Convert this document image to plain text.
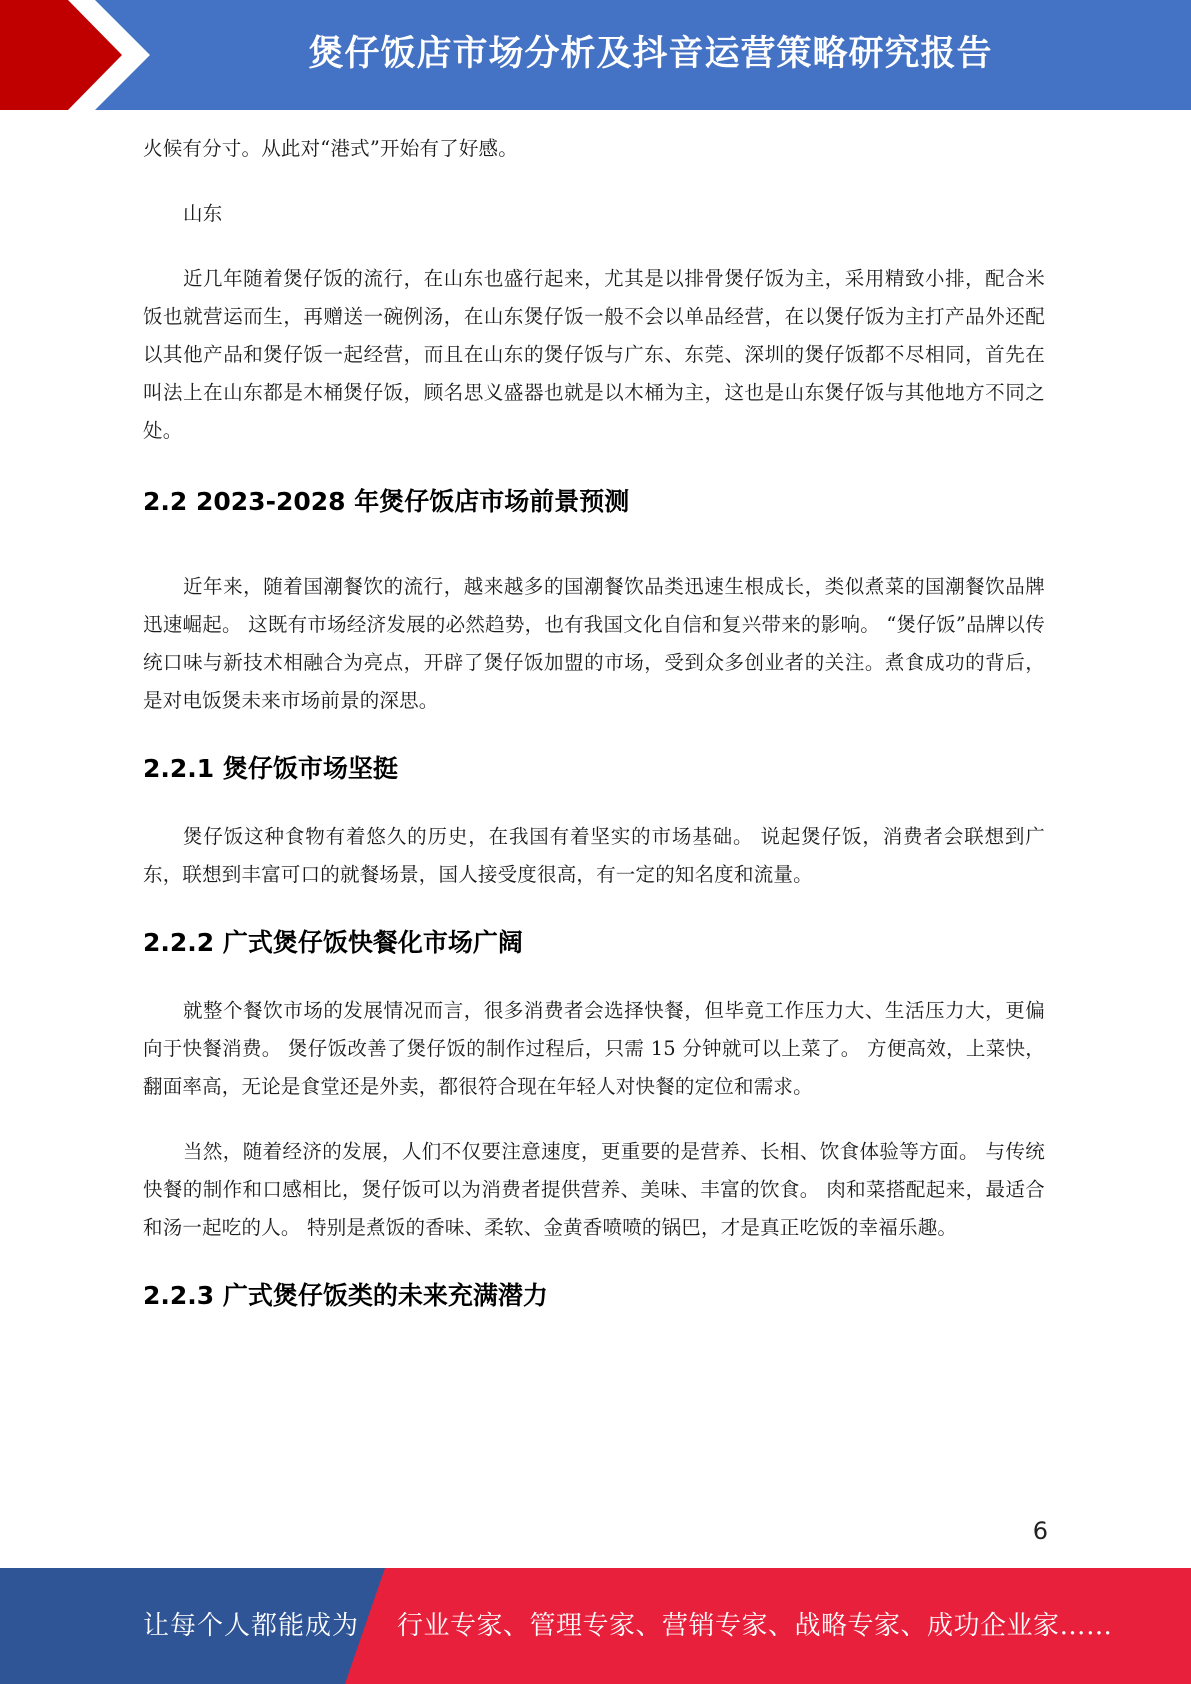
煲仔饭店市场分析及抖音运营策略研究报告

火候有分寸。从此对“港式”开始有了好感。

山东

近几年随着煲仔饭的流行，在山东也盛行起来，尤其是以排骨煲仔饭为主，采用精致小排，配合米饭也就营运而生，再赠送一碗例汤，在山东煲仔饭一般不会以单品经营，在以煲仔饭为主打产品外还配以其他产品和煲仔饭一起经营，而且在山东的煲仔饭与广东、东莞、深圳的煲仔饭都不尽相同，首先在叫法上在山东都是木桶煲仔饭，顾名思义盛器也就是以木桶为主，这也是山东煲仔饭与其他地方不同之处。

2.2 2023-2028 年煲仔饭店市场前景预测

近年来，随着国潮餐饮的流行，越来越多的国潮餐饮品类迅速生根成长，类似煮菜的国潮餐饮品牌迅速崛起。 这既有市场经济发展的必然趋势，也有我国文化自信和复兴带来的影响。 “煲仔饭”品牌以传统口味与新技术相融合为亮点，开辟了煲仔饭加盟的市场，受到众多创业者的关注。煮食成功的背后，是对电饭煲未来市场前景的深思。

2.2.1 煲仔饭市场坚挺

煲仔饭这种食物有着悠久的历史，在我国有着坚实的市场基础。 说起煲仔饭，消费者会联想到广东，联想到丰富可口的就餐场景，国人接受度很高，有一定的知名度和流量。

2.2.2 广式煲仔饭快餐化市场广阔

就整个餐饮市场的发展情况而言，很多消费者会选择快餐，但毕竟工作压力大、生活压力大，更偏向于快餐消费。 煲仔饭改善了煲仔饭的制作过程后，只需 15 分钟就可以上菜了。 方便高效，上菜快，翻面率高，无论是食堂还是外卖，都很符合现在年轻人对快餐的定位和需求。

当然，随着经济的发展，人们不仅要注意速度，更重要的是营养、长相、饮食体验等方面。 与传统快餐的制作和口感相比，煲仔饭可以为消费者提供营养、美味、丰富的饮食。 肉和菜搭配起来，最适合和汤一起吃的人。 特别是煮饭的香味、柔软、金黄香喷喷的锅巴，才是真正吃饭的幸福乐趣。

2.2.3 广式煲仔饭类的未来充满潜力
6
让每个人都能成为 行业专家、管理专家、营销专家、战略专家、成功企业家……
